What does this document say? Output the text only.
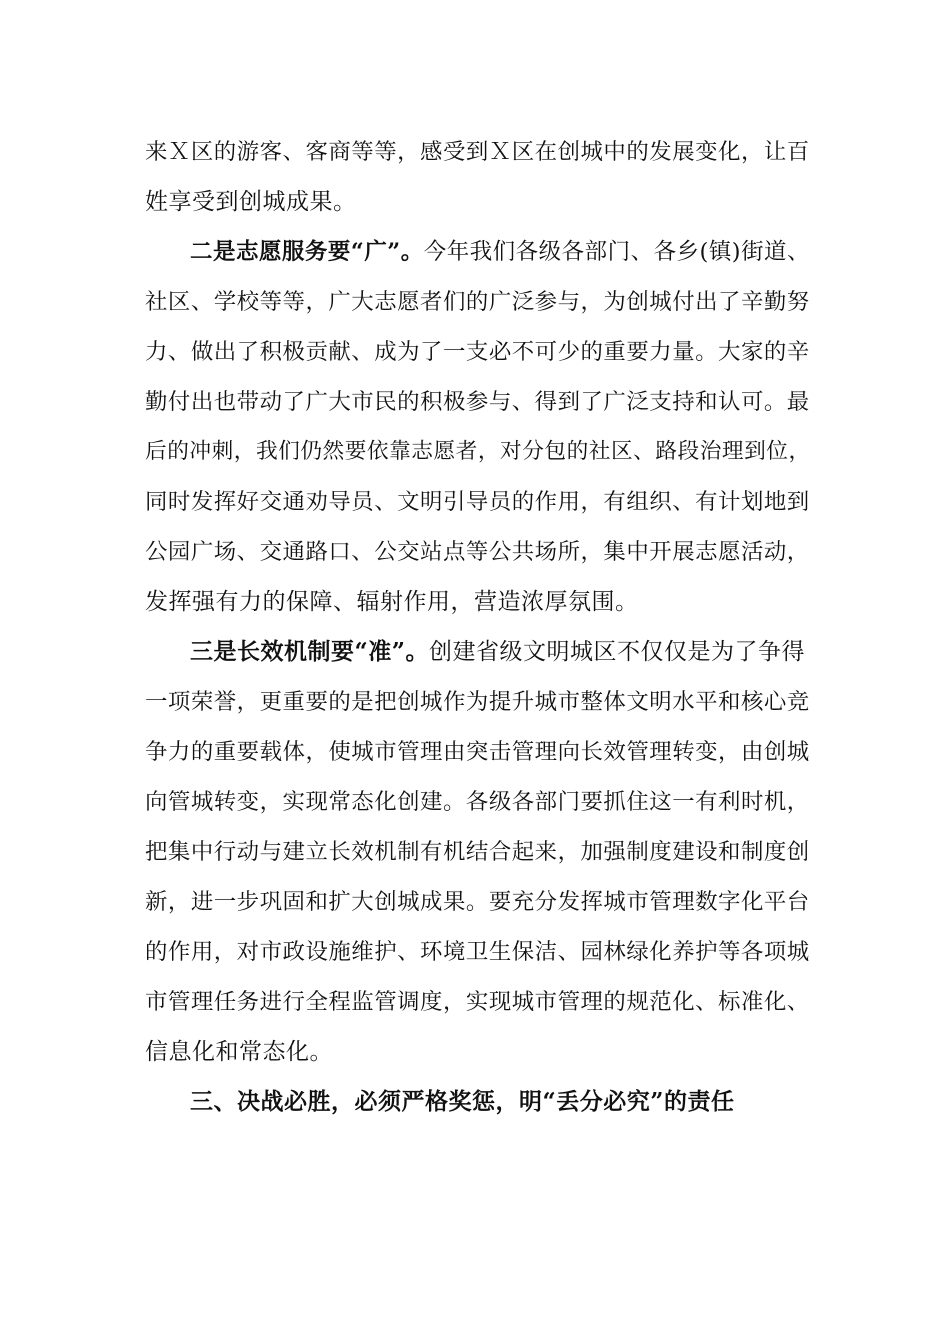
来Ｘ区的游客、客商等等，感受到Ｘ区在创城中的发展变化，让百
姓享受到创城成果。
二是志愿服务要“广”。今年我们各级各部门、各乡(镇)街道、
社区、学校等等，广大志愿者们的广泛参与，为创城付出了辛勤努
力、做出了积极贡献、成为了一支必不可少的重要力量。大家的辛
勤付出也带动了广大市民的积极参与、得到了广泛支持和认可。最
后的冲刺，我们仍然要依靠志愿者，对分包的社区、路段治理到位，
同时发挥好交通劝导员、文明引导员的作用，有组织、有计划地到
公园广场、交通路口、公交站点等公共场所，集中开展志愿活动，
发挥强有力的保障、辐射作用，营造浓厚氛围。
三是长效机制要“准”。创建省级文明城区不仅仅是为了争得
一项荣誉，更重要的是把创城作为提升城市整体文明水平和核心竞
争力的重要载体，使城市管理由突击管理向长效管理转变，由创城
向管城转变，实现常态化创建。各级各部门要抓住这一有利时机，
把集中行动与建立长效机制有机结合起来，加强制度建设和制度创
新，进一步巩固和扩大创城成果。要充分发挥城市管理数字化平台
的作用，对市政设施维护、环境卫生保洁、园林绿化养护等各项城
市管理任务进行全程监管调度，实现城市管理的规范化、标准化、
信息化和常态化。
三、决战必胜，必须严格奖惩，明“丢分必究”的责任
